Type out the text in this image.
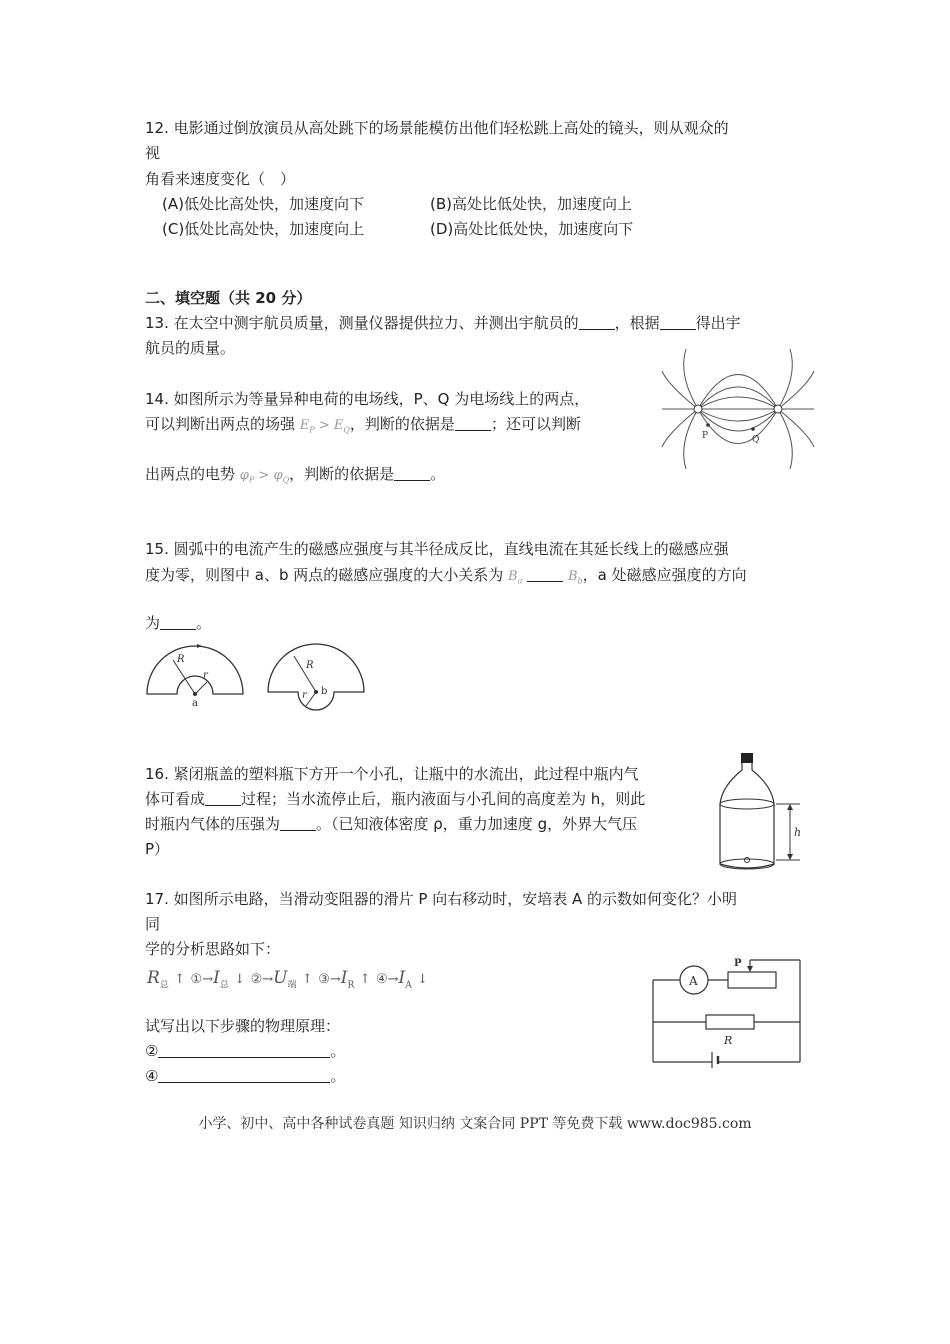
12. 电影通过倒放演员从高处跳下的场景能模仿出他们轻松跳上高处的镜头，则从观众的
视
角看来速度变化（　）
(A)低处比高处快，加速度向下	(B)高处比低处快，加速度向上
(C)低处比高处快，加速度向上	(D)高处比低处快，加速度向下
二、填空题（共 20 分）
13. 在太空中测宇航员质量，测量仪器提供拉力、并测出宇航员的 ，根据 得出宇
航员的质量。
14. 如图所示为等量异种电荷的电场线，P、Q 为电场线上的两点，
可以判断出两点的场强 $E_P > E_Q$，判断的依据是 ；还可以判断
出两点的电势 $\varphi_P > \varphi_Q$，判断的依据是 。
P	Q
15. 圆弧中的电流产生的磁感应强度与其半径成反比，直线电流在其延长线上的磁感应强
度为零，则图中 a、b 两点的磁感应强度的大小关系为 $B_a$	$B_b$，a 处磁感应强度的方向
为 。
R
r
a
R
r b
16. 紧闭瓶盖的塑料瓶下方开一个小孔，让瓶中的水流出，此过程中瓶内气
体可看成 过程；当水流停止后，瓶内液面与小孔间的高度差为 h，则此
时瓶内气体的压强为 。（已知液体密度 ρ，重力加速度 g，外界大气压
P）
h
17. 如图所示电路，当滑动变阻器的滑片 P 向右移动时，安培表 A 的示数如何变化？小明
同
学的分析思路如下：
$R_总$ ↑ $①\to I_总$ ↓ $②\to U_端$ ↑ $③\to I_R$ ↑ $④\to I_A$ ↓
试写出以下步骤的物理原理：
②	。
④	。
A
P
R
小学、初中、高中各种试卷真题 知识归纳 文案合同 PPT 等免费下载 www.doc985.com
